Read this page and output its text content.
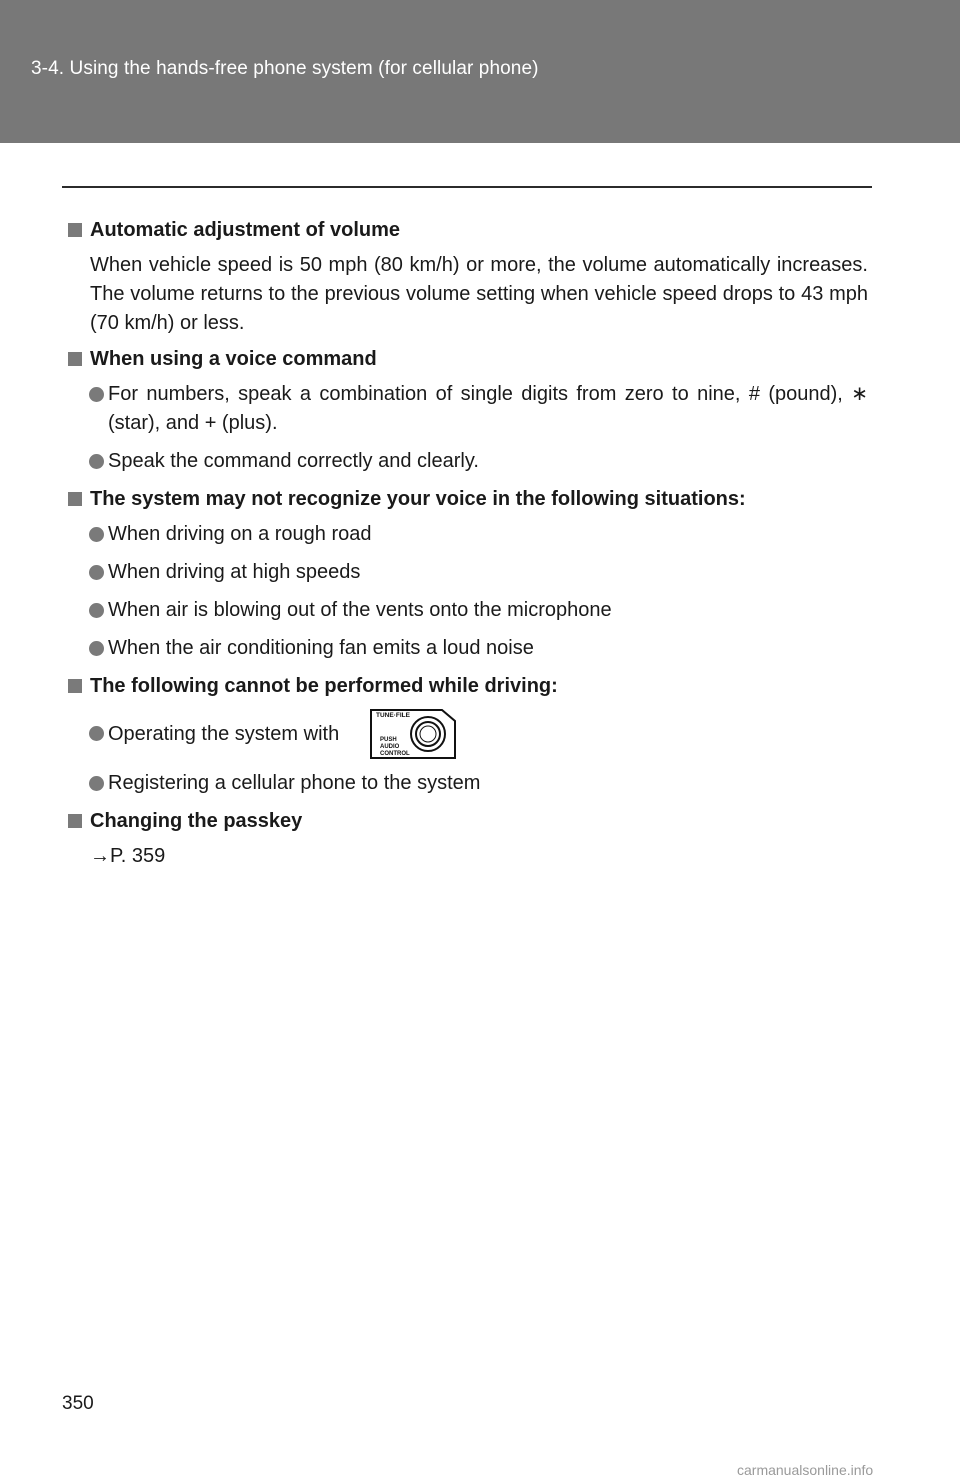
3-4. Using the hands-free phone system (for cellular phone)
Automatic adjustment of volume
When vehicle speed is 50 mph (80 km/h) or more, the volume automatically increases. The volume returns to the previous volume setting when vehicle speed drops to 43 mph (70 km/h) or less.
When using a voice command
For numbers, speak a combination of single digits from zero to nine, # (pound), ∗ (star), and + (plus).
Speak the command correctly and clearly.
The system may not recognize your voice in the following situations:
When driving on a rough road
When driving at high speeds
When air is blowing out of the vents onto the microphone
When the air conditioning fan emits a loud noise
The following cannot be performed while driving:
Operating the system with
TUNE·FILE
PUSH
AUDIO
CONTROL
Registering a cellular phone to the system
Changing the passkey
→P. 359
350
carmanualsonline.info
